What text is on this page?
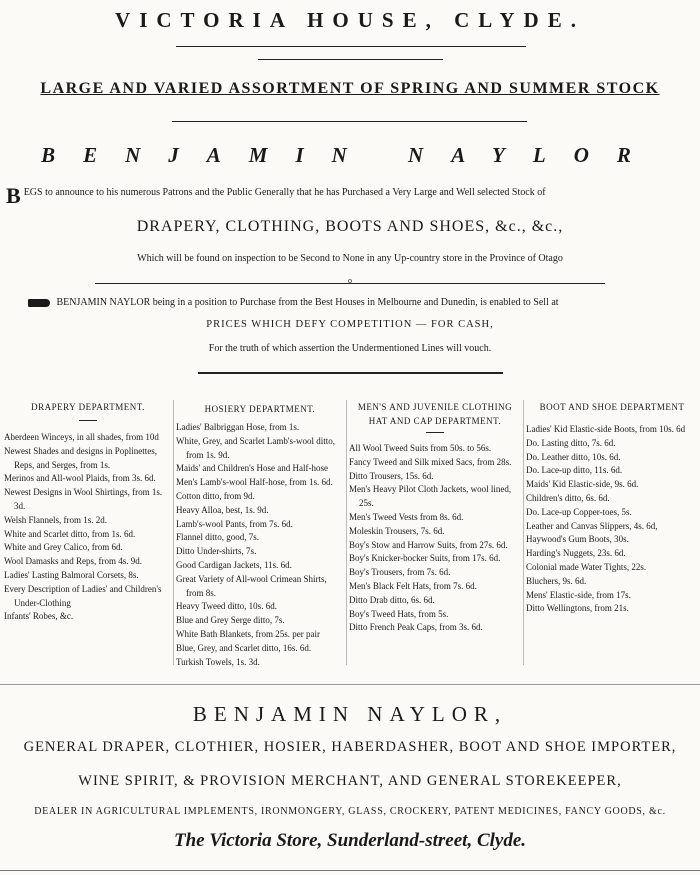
VICTORIA HOUSE, CLYDE.
LARGE AND VARIED ASSORTMENT OF SPRING AND SUMMER STOCK
BENJAMIN NAYLOR
B EGS to announce to his numerous Patrons and the Public Generally that he has Purchased a Very Large and Well selected Stock of
DRAPERY, CLOTHING, BOOTS AND SHOES, &c., &c.,
Which will be found on inspection to be Second to None in any Up-country store in the Province of Otago
o
BENJAMIN NAYLOR being in a position to Purchase from the Best Houses in Melbourne and Dunedin, is enabled to Sell at
PRICES WHICH DEFY COMPETITION — FOR CASH,
For the truth of which assertion the Undermentioned Lines will vouch.
DRAPERY DEPARTMENT.
Aberdeen Winceys, in all shades, from 10d
Newest Shades and designs in Poplinettes, Reps, and Serges, from 1s.
Merinos and All-wool Plaids, from 3s. 6d.
Newest Designs in Wool Shirtings, from 1s. 3d.
Welsh Flannels, from 1s. 2d.
White and Scarlet ditto, from 1s. 6d.
White and Grey Calico, from 6d.
Wool Damasks and Reps, from 4s. 9d.
Ladies' Lasting Balmoral Corsets, 8s.
Every Description of Ladies' and Children's Under-Clothing
Infants' Robes, &c.
HOSIERY DEPARTMENT.
Ladies' Balbriggan Hose, from 1s.
White, Grey, and Scarlet Lamb's-wool ditto, from 1s. 9d.
Maids' and Children's Hose and Half-hose
Men's Lamb's-wool Half-hose, from 1s. 6d.
Cotton ditto, from 9d.
Heavy Alloa, best, 1s. 9d.
Lamb's-wool Pants, from 7s. 6d.
Flannel ditto, good, 7s.
Ditto Under-shirts, 7s.
Good Cardigan Jackets, 11s. 6d.
Great Variety of All-wool Crimean Shirts, from 8s.
Heavy Tweed ditto, 10s. 6d.
Blue and Grey Serge ditto, 7s.
White Bath Blankets, from 25s. per pair
Blue, Grey, and Scarlet ditto, 16s. 6d.
Turkish Towels, 1s. 3d.
MEN'S AND JUVENILE CLOTHING HAT AND CAP DEPARTMENT.
All Wool Tweed Suits from 50s. to 56s.
Fancy Tweed and Silk mixed Sacs, from 28s.
Ditto Trousers, 15s. 6d.
Men's Heavy Pilot Cloth Jackets, wool lined, 25s.
Men's Tweed Vests from 8s. 6d.
Moleskin Trousers, 7s. 6d.
Boy's Stow and Harrow Suits, from 27s. 6d.
Boy's Knicker-bocker Suits, from 17s. 6d.
Boy's Trousers, from 7s. 6d.
Men's Black Felt Hats, from 7s. 6d.
Ditto Drab ditto, 6s. 6d.
Boy's Tweed Hats, from 5s.
Ditto French Peak Caps, from 3s. 6d.
BOOT AND SHOE DEPARTMENT
Ladies' Kid Elastic-side Boots, from 10s. 6d
Do. Lasting ditto, 7s. 6d.
Do. Leather ditto, 10s. 6d.
Do. Lace-up ditto, 11s. 6d.
Maids' Kid Elastic-side, 9s. 6d.
Children's ditto, 6s. 6d.
Do. Lace-up Copper-toes, 5s.
Leather and Canvas Slippers, 4s. 6d,
Haywood's Gum Boots, 30s.
Harding's Nuggets, 23s. 6d.
Colonial made Water Tights, 22s.
Bluchers, 9s. 6d.
Mens' Elastic-side, from 17s.
Ditto Wellingtons, from 21s.
BENJAMIN NAYLOR,
GENERAL DRAPER, CLOTHIER, HOSIER, HABERDASHER, BOOT AND SHOE IMPORTER,
WINE SPIRIT, & PROVISION MERCHANT, AND GENERAL STOREKEEPER,
DEALER IN AGRICULTURAL IMPLEMENTS, IRONMONGERY, GLASS, CROCKERY, PATENT MEDICINES, FANCY GOODS, &c.
The Victoria Store, Sunderland-street, Clyde.
